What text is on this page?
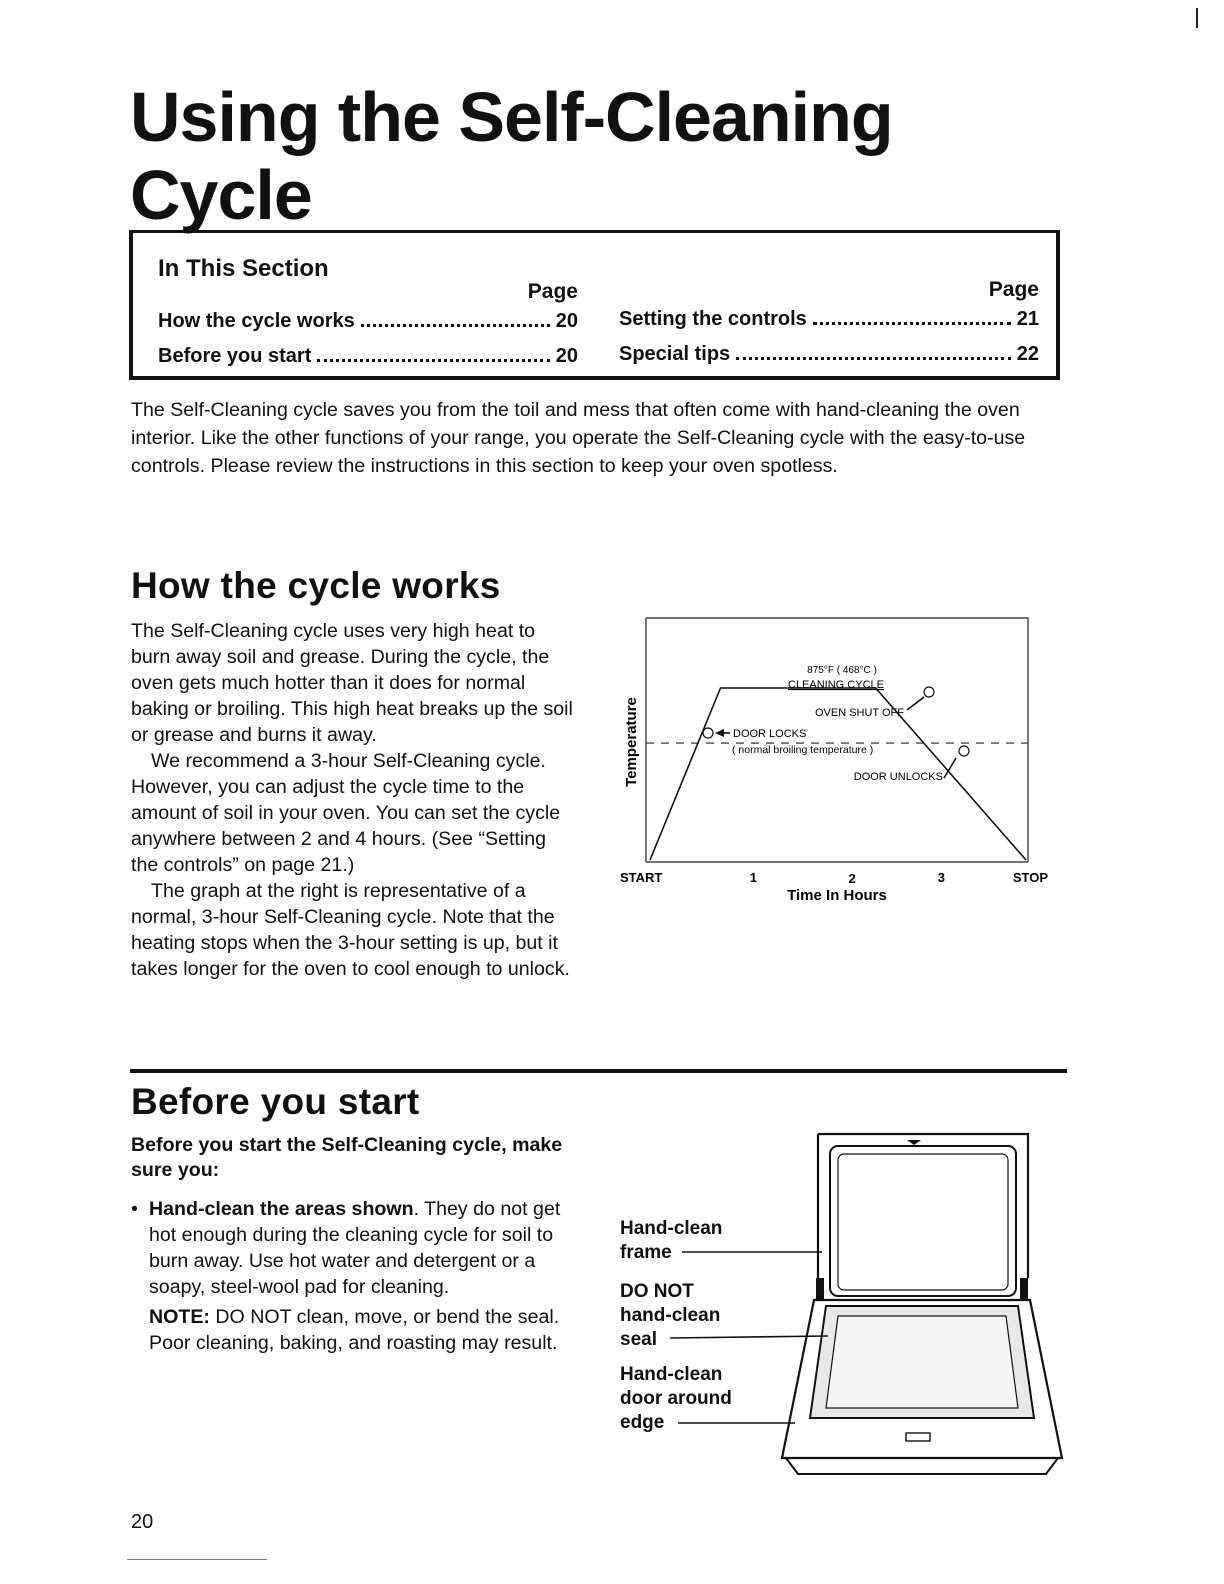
Using the Self-Cleaning
Cycle
In This Section
Page
How the cycle works	20
Before you start	20
Page
Setting the controls	21
Special tips	22

The Self-Cleaning cycle saves you from the toil and mess that often come with hand-cleaning the oven interior. Like the other functions of your range, you operate the Self-Cleaning cycle with the easy-to-use controls. Please review the instructions in this section to keep your oven spotless.

How the cycle works

The Self-Cleaning cycle uses very high heat to burn away soil and grease. During the cycle, the oven gets much hotter than it does for normal baking or broiling. This high heat breaks up the soil or grease and burns it away.

We recommend a 3-hour Self-Cleaning cycle. However, you can adjust the cycle time to the amount of soil in your oven. You can set the cycle anywhere between 2 and 4 hours. (See “Setting the controls” on page 21.)

The graph at the right is representative of a normal, 3-hour Self-Cleaning cycle. Note that the heating stops when the 3-hour setting is up, but it takes longer for the oven to cool enough to unlock.

Temperature
875°F ( 468°C )
CLEANING CYCLE
OVEN SHUT OFF
DOOR LOCKS
( normal broiling temperature )
DOOR UNLOCKS
START	1	2	3	STOP
Time In Hours
Before you start

Before you start the Self-Cleaning cycle, make sure you:

• Hand-clean the areas shown. They do not get hot enough during the cleaning cycle for soil to burn away. Use hot water and detergent or a soapy, steel-wool pad for cleaning.
NOTE: DO NOT clean, move, or bend the seal. Poor cleaning, baking, and roasting may result.
Hand-clean
frame
DO NOT
hand-clean
seal
Hand-clean
door around
edge
20
